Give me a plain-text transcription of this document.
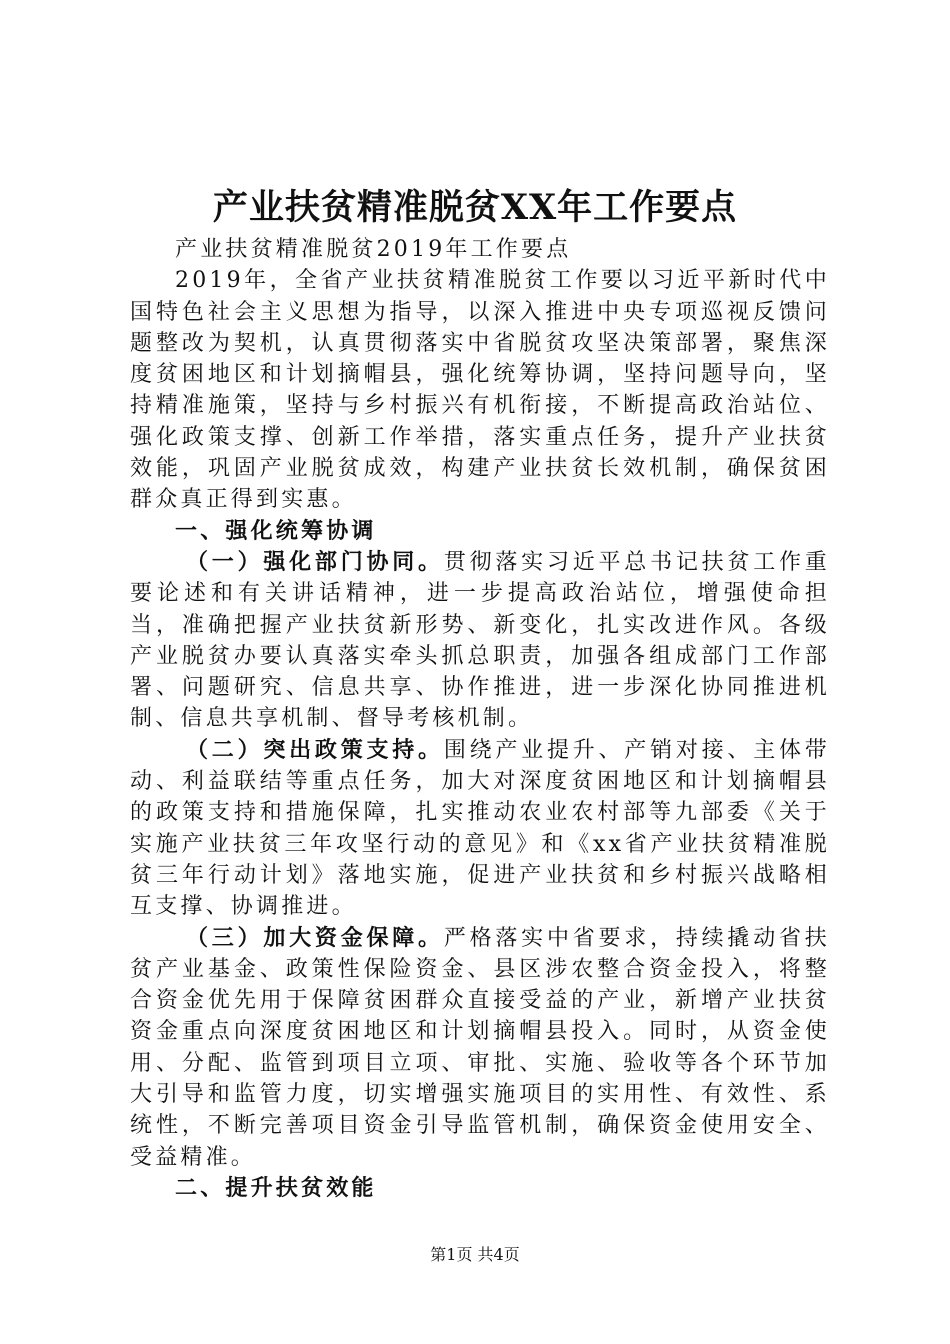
产业扶贫精准脱贫XX年工作要点

产业扶贫精准脱贫2019年工作要点

2019年，全省产业扶贫精准脱贫工作要以习近平新时代中国特色社会主义思想为指导，以深入推进中央专项巡视反馈问题整改为契机，认真贯彻落实中省脱贫攻坚决策部署，聚焦深度贫困地区和计划摘帽县，强化统筹协调，坚持问题导向，坚持精准施策，坚持与乡村振兴有机衔接，不断提高政治站位、强化政策支撑、创新工作举措，落实重点任务，提升产业扶贫效能，巩固产业脱贫成效，构建产业扶贫长效机制，确保贫困群众真正得到实惠。

一、强化统筹协调

（一）强化部门协同。贯彻落实习近平总书记扶贫工作重要论述和有关讲话精神，进一步提高政治站位，增强使命担当，准确把握产业扶贫新形势、新变化，扎实改进作风。各级产业脱贫办要认真落实牵头抓总职责，加强各组成部门工作部署、问题研究、信息共享、协作推进，进一步深化协同推进机制、信息共享机制、督导考核机制。

（二）突出政策支持。围绕产业提升、产销对接、主体带动、利益联结等重点任务，加大对深度贫困地区和计划摘帽县的政策支持和措施保障，扎实推动农业农村部等九部委《关于实施产业扶贫三年攻坚行动的意见》和《xx省产业扶贫精准脱贫三年行动计划》落地实施，促进产业扶贫和乡村振兴战略相互支撑、协调推进。

（三）加大资金保障。严格落实中省要求，持续撬动省扶贫产业基金、政策性保险资金、县区涉农整合资金投入，将整合资金优先用于保障贫困群众直接受益的产业，新增产业扶贫资金重点向深度贫困地区和计划摘帽县投入。同时，从资金使用、分配、监管到项目立项、审批、实施、验收等各个环节加大引导和监管力度，切实增强实施项目的实用性、有效性、系统性，不断完善项目资金引导监管机制，确保资金使用安全、受益精准。

二、提升扶贫效能

第1页 共4页
